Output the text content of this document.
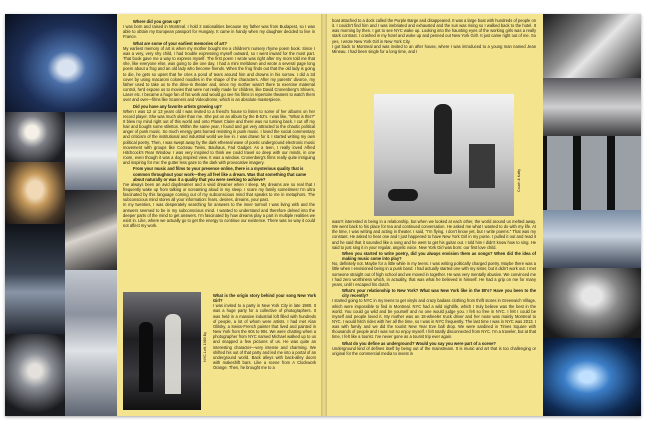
Where did you grow up?

I was born and raised in Montreal. I hold 2 nationalities because my father was from Budapest, so I was able to obtain my European passport for Hungary. It came in handy when my daughter decided to live in France.

What are some of your earliest memories of art?

My earliest memory of art is when my mother bought me a children's nursery rhyme poem book. Since I was a very, very shy child, I had trouble expressing myself outward, so I went inward for the most part. That book gave me a way to express myself. The first poem I wrote was right after my mom told me that she, like everyone else, was going to die one day. I had a mini meltdown and wrote a several page long poem about a frog and an old lady who become friends. When the frog finds out that the old lady is going to die, he gets so upset that he cries a pond of tears around him and drowns in his sorrow. I did a 3d cover by using macaroni colored noodles in the shape of the characters. After my parents' divorce, my father used to take us to the drive-in theater and, since my mother wasn't there to exercise maternal control, he'd expose us to movies that were not really made for children, like David Cronenberg's Shivers, Laser etc. I became a huge fan of his work and would go see his films in repertoire theaters to watch them over and over—films like Scanners and Videodrome, which is an absolute masterpiece.

Did you have any favorite artists growing up?

When I was 12 or 13 years old I was invited to a friend's house to listen to some of her albums on her record player. She was much older than me. She put on an album by the B-52's. I was like, "What is this?" It blew my mind right out of this world and onto Planet Claire and there was no turning back. I cut off my hair and bought some stilettos. Within the same year, I found and got very attracted to the chaotic political anger of punk music. So much energy gets burned resisting in punk music. I loved the social commentary and criticism of the institutional and industrial world we live in. I was drawn for it. I started writing my own political poetry. Then, I was swept away by the dark ethereal wave of poetic underground electronic music movement with groups like Cocteau Twins, Bauhaus, Fad Gadget. As a teen, I really loved Alfred Hitchcock's Rear Window. I was very inspired to think we could travel so deep with our minds, in one room, even though it was a dog inspired view. It was a window. Cronenberg's films really quite intriguing and inspiring for me: the gutter less gaze to the dark with provocative imagery.

From your music and films to your presence online, there is a mysterious quality that is common throughout your work—they all feel like a dream. Was that something that came about naturally or was it a quality that you were seeking to achieve?

I've always been an avid daydreamer and a vivid dreamer when I sleep. My dreams are so real that I frequently wake up from talking or screaming aloud in my sleep. I scare my family sometimes! I'm ultra fascinated by this language coming out of my subconscious mind that speaks to me in metaphors. The subconscious mind stores all your information: fears, desires, dreams, your past.

In my twenties, I was desperately searching for answers to the inner turmoil I was living with and the answers seemed to be in my subconscious mind. I wanted to understand and therefore delved into the deeper parts of the mind to get answers. I'm fascinated by how dreams play a part in multiple realities we exist in. Like, where we actually go to get the energy to continue our existence. There was no way it could not affect my work.

NYC Loft, 1980 By

What is the origin story behind your song New York Girl?

I was invited to a party in New York City in late 1980. It was a huge party for a collective of photographers. It was held in a massive industrial loft filled with hundreds of people, a lot of whom were artists. I had met Alan Olitsky, a Swiss-French painter that lived and painted in New York from the 60s to 90s. We were chatting when a photographer from NYC named Michael walked up to us and snapped a few pictures of us. He was quite an interesting character—very intense and charming. We shifted his out of that party and led me into a portal of an underground world. Back alleys with back-alley doors with makeshift bars. Like a scene from A Clockwork Orange. Then, he brought me to a

boat attached to a dock called the Purple Barge and disappeared. It was a large boat with hundreds of people on it. I couldn't find him and I was inebriated and exhausted and the sun was rising so I walked back to the hotel. It was morning by then. I got to see NYC wake up. Looking into the haunting eyes of the working girls was a really stark contrast. I crashed in my hotel and woke up and penned out New York Girl!. It just came right out of me. So yes, I wrote New York Girl in New York City.

I got back to Montreal and was invited to an after house, where I was introduced to a young man named Jean Mineau. I had been single for a long time, and I

Couch & Katty

wasn't interested in being in a relationship, but when we looked at each other, the world around us melted away. We went back to his place for tea and continued conversation. He asked me what I wanted to do with my life. At the time, I was writing and acting in theater. I said, "I'm flying. I don't know yet, but I write poems." That was my constant. He asked to hear one and I just happened to have New York Girl in my purse. I pulled it out and read it and he said that it sounded like a song and he went to get his guitar out. I told him I didn't know how to sing. He said to just sing it in your regular, angelic voice. New York Girl was born: our first love child.

When you started to write poetry, did you always envision them as songs? When did the idea of making music come into play?

No, definitely not. Maybe for a little while in my teens. I was writing politically charged poetry. Maybe there was a little when I envisioned being in a punk band. I had actually started one with my sister, but it didn't work out. I met someone straight out of high school and we moved in together. He was very mentally abusive. We convinced me I had zero worthiness which, in actuality, that was what he believed in himself. He had a grip on me for many years, until I escaped his clutch.

What's your relationship to New York? What was New York like in the 80's? Have you been to the city recently?

I started going to NYC in my teens to get vinyls and crazy badass clothing from thrift stores in Greenwich Village, which were impossible to find in Montreal. NYC had a wild nightlife, which I truly believe was the best in the world. You could go wild and be yourself and no one would judge you. I felt so free in NYC. I felt I could be myself and people loved it. My mother was an 18-wheeler truck driver and her route was mainly Montreal to NYC. I would hitch rides with her all the time, so I was in NYC frequently. The last time I was in NYC was 2013. I was with family and we did the tourist New Year Eve ball drop. We were sardined in Times Square with thousands of people and I was not so enjoy myself. I felt totally disconnected from NYC. I'm a traveler, but at that time, I felt like a tourist. I've never gone as a tourist trip ever again.

What do you define as underground? Would you say you were part of a scene?

Underground kind of defines itself by being out of the mainstream. It is music and art that is too challenging or original for the commercial media to invest in
